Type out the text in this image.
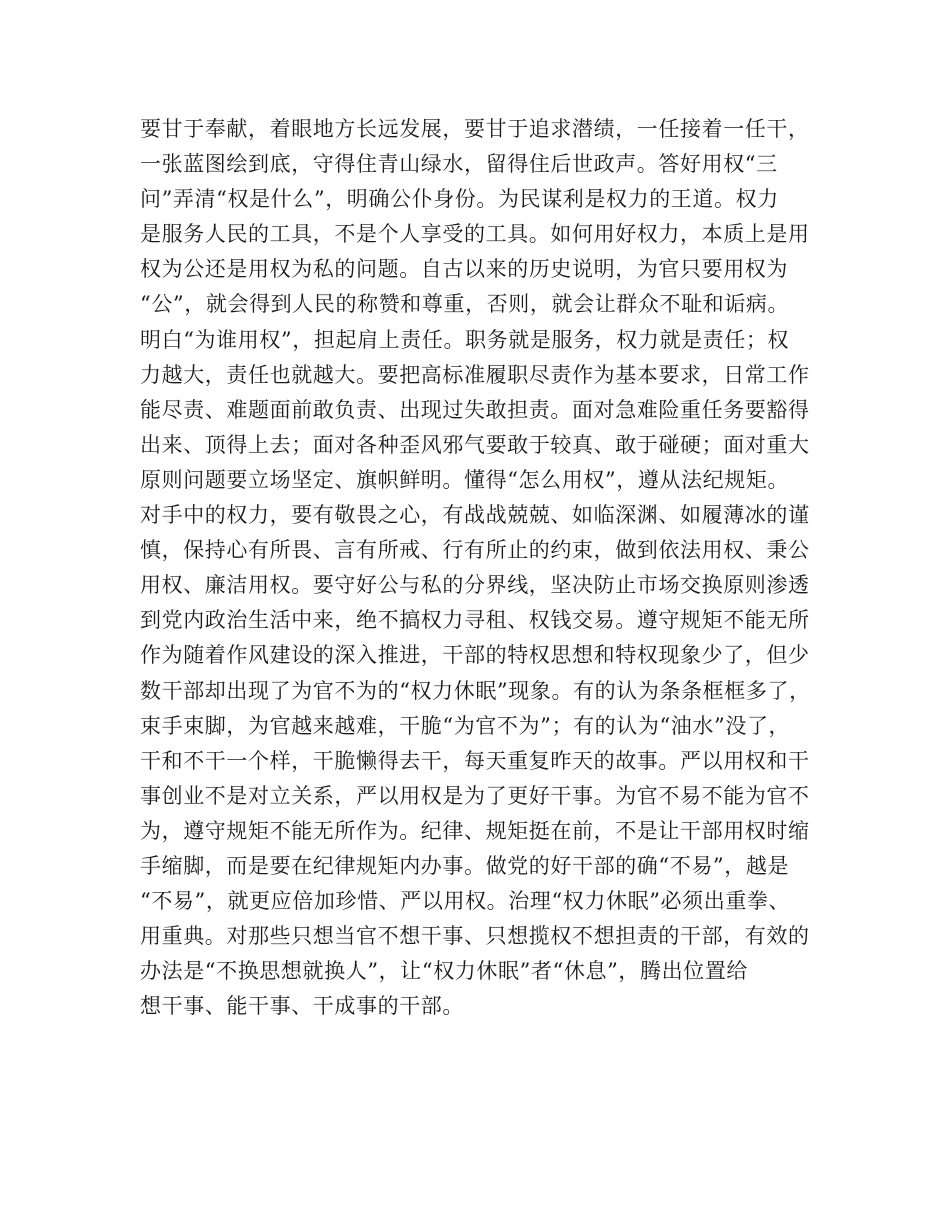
要甘于奉献，着眼地方长远发展，要甘于追求潜绩，一任接着一任干，
一张蓝图绘到底，守得住青山绿水，留得住后世政声。答好用权“三
问”弄清“权是什么”，明确公仆身份。为民谋利是权力的王道。权力
是服务人民的工具，不是个人享受的工具。如何用好权力，本质上是用
权为公还是用权为私的问题。自古以来的历史说明，为官只要用权为
“公”，就会得到人民的称赞和尊重，否则，就会让群众不耻和诟病。
明白“为谁用权”，担起肩上责任。职务就是服务，权力就是责任；权
力越大，责任也就越大。要把高标准履职尽责作为基本要求，日常工作
能尽责、难题面前敢负责、出现过失敢担责。面对急难险重任务要豁得
出来、顶得上去；面对各种歪风邪气要敢于较真、敢于碰硬；面对重大
原则问题要立场坚定、旗帜鲜明。懂得“怎么用权”，遵从法纪规矩。
对手中的权力，要有敬畏之心，有战战兢兢、如临深渊、如履薄冰的谨
慎，保持心有所畏、言有所戒、行有所止的约束，做到依法用权、秉公
用权、廉洁用权。要守好公与私的分界线，坚决防止市场交换原则渗透
到党内政治生活中来，绝不搞权力寻租、权钱交易。遵守规矩不能无所
作为随着作风建设的深入推进，干部的特权思想和特权现象少了，但少
数干部却出现了为官不为的“权力休眠”现象。有的认为条条框框多了，
束手束脚，为官越来越难，干脆“为官不为”；有的认为“油水”没了，
干和不干一个样，干脆懒得去干，每天重复昨天的故事。严以用权和干
事创业不是对立关系，严以用权是为了更好干事。为官不易不能为官不
为，遵守规矩不能无所作为。纪律、规矩挺在前，不是让干部用权时缩
手缩脚，而是要在纪律规矩内办事。做党的好干部的确“不易”，越是
“不易”，就更应倍加珍惜、严以用权。治理“权力休眠”必须出重拳、
用重典。对那些只想当官不想干事、只想揽权不想担责的干部，有效的
办法是“不换思想就换人”，让“权力休眠”者“休息”，腾出位置给
想干事、能干事、干成事的干部。
